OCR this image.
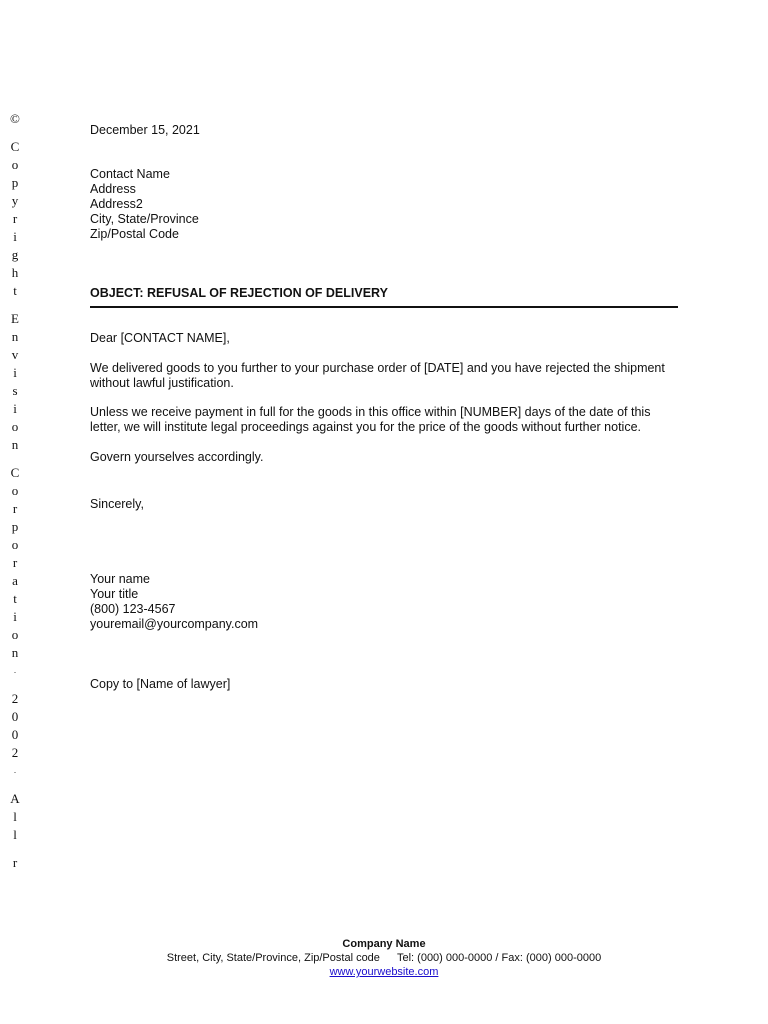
©
C
o
p
y
r
i
g
h
t
E
n
v
i
s
i
o
n
C
o
r
p
o
r
a
t
i
o
n
.
2
0
0
2
.
A
l
l
r
December 15, 2021
Contact Name
Address
Address2
City, State/Province
Zip/Postal Code
OBJECT: REFUSAL OF REJECTION OF DELIVERY
Dear [CONTACT NAME],
We delivered goods to you further to your purchase order of [DATE] and you have rejected the shipment without lawful justification.
Unless we receive payment in full for the goods in this office within [NUMBER] days of the date of this letter, we will institute legal proceedings against you for the price of the goods without further notice.
Govern yourselves accordingly.
Sincerely,
Your name
Your title
(800) 123-4567
youremail@yourcompany.com
Copy to [Name of lawyer]
Company Name
Street, City, State/Province, Zip/Postal code Tel: (000) 000-0000 / Fax: (000) 000-0000
www.yourwebsite.com
